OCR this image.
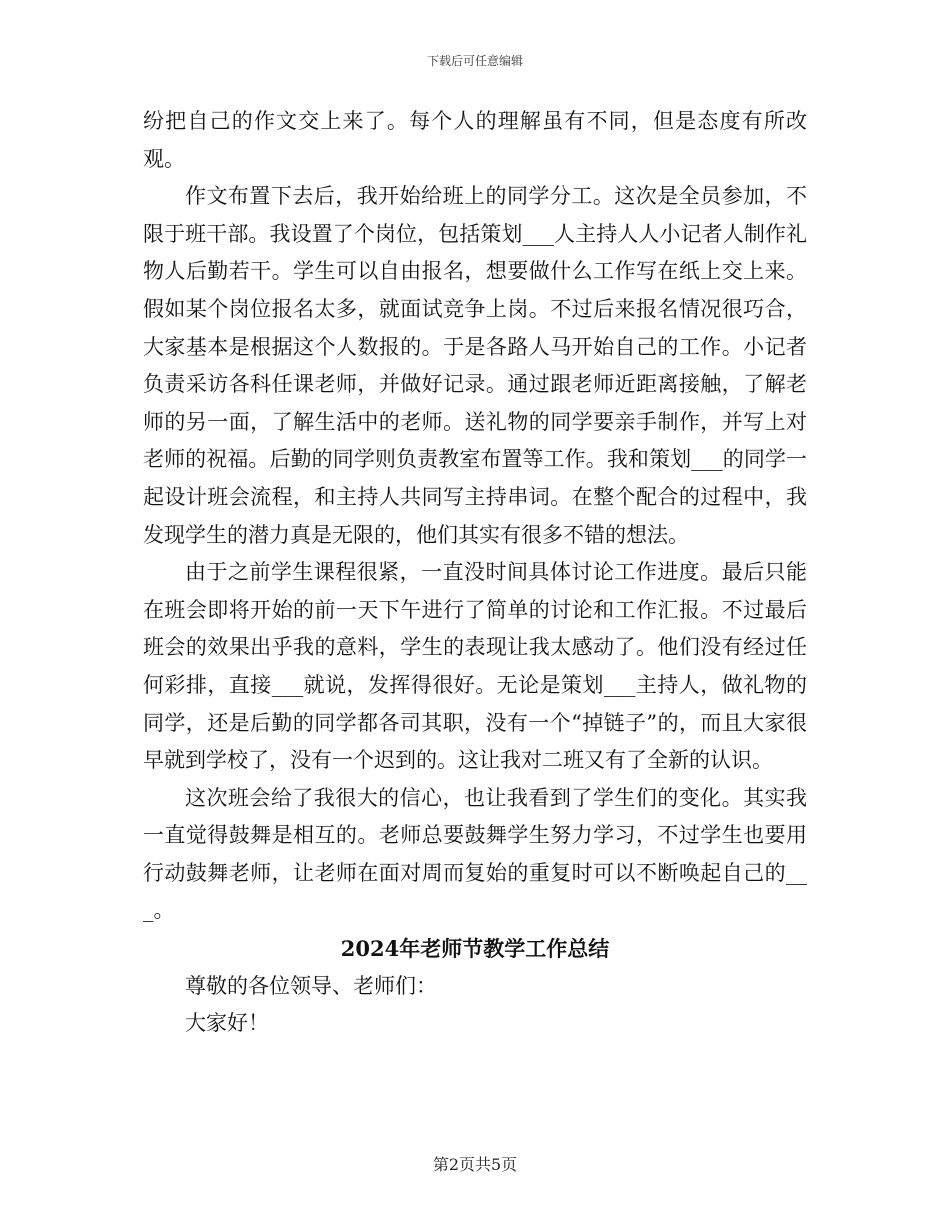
下载后可任意编辑

纷把自己的作文交上来了。每个人的理解虽有不同，但是态度有所改观。

作文布置下去后，我开始给班上的同学分工。这次是全员参加，不限于班干部。我设置了个岗位，包括策划___人主持人人小记者人制作礼物人后勤若干。学生可以自由报名，想要做什么工作写在纸上交上来。假如某个岗位报名太多，就面试竞争上岗。不过后来报名情况很巧合，大家基本是根据这个人数报的。于是各路人马开始自己的工作。小记者负责采访各科任课老师，并做好记录。通过跟老师近距离接触，了解老师的另一面，了解生活中的老师。送礼物的同学要亲手制作，并写上对老师的祝福。后勤的同学则负责教室布置等工作。我和策划___的同学一起设计班会流程，和主持人共同写主持串词。在整个配合的过程中，我发现学生的潜力真是无限的，他们其实有很多不错的想法。

由于之前学生课程很紧，一直没时间具体讨论工作进度。最后只能在班会即将开始的前一天下午进行了简单的讨论和工作汇报。不过最后班会的效果出乎我的意料，学生的表现让我太感动了。他们没有经过任何彩排，直接___就说，发挥得很好。无论是策划___主持人，做礼物的同学，还是后勤的同学都各司其职，没有一个“掉链子”的，而且大家很早就到学校了，没有一个迟到的。这让我对二班又有了全新的认识。

这次班会给了我很大的信心，也让我看到了学生们的变化。其实我一直觉得鼓舞是相互的。老师总要鼓舞学生努力学习，不过学生也要用行动鼓舞老师，让老师在面对周而复始的重复时可以不断唤起自己的___。

2024年老师节教学工作总结

尊敬的各位领导、老师们：

大家好！

第2页共5页
